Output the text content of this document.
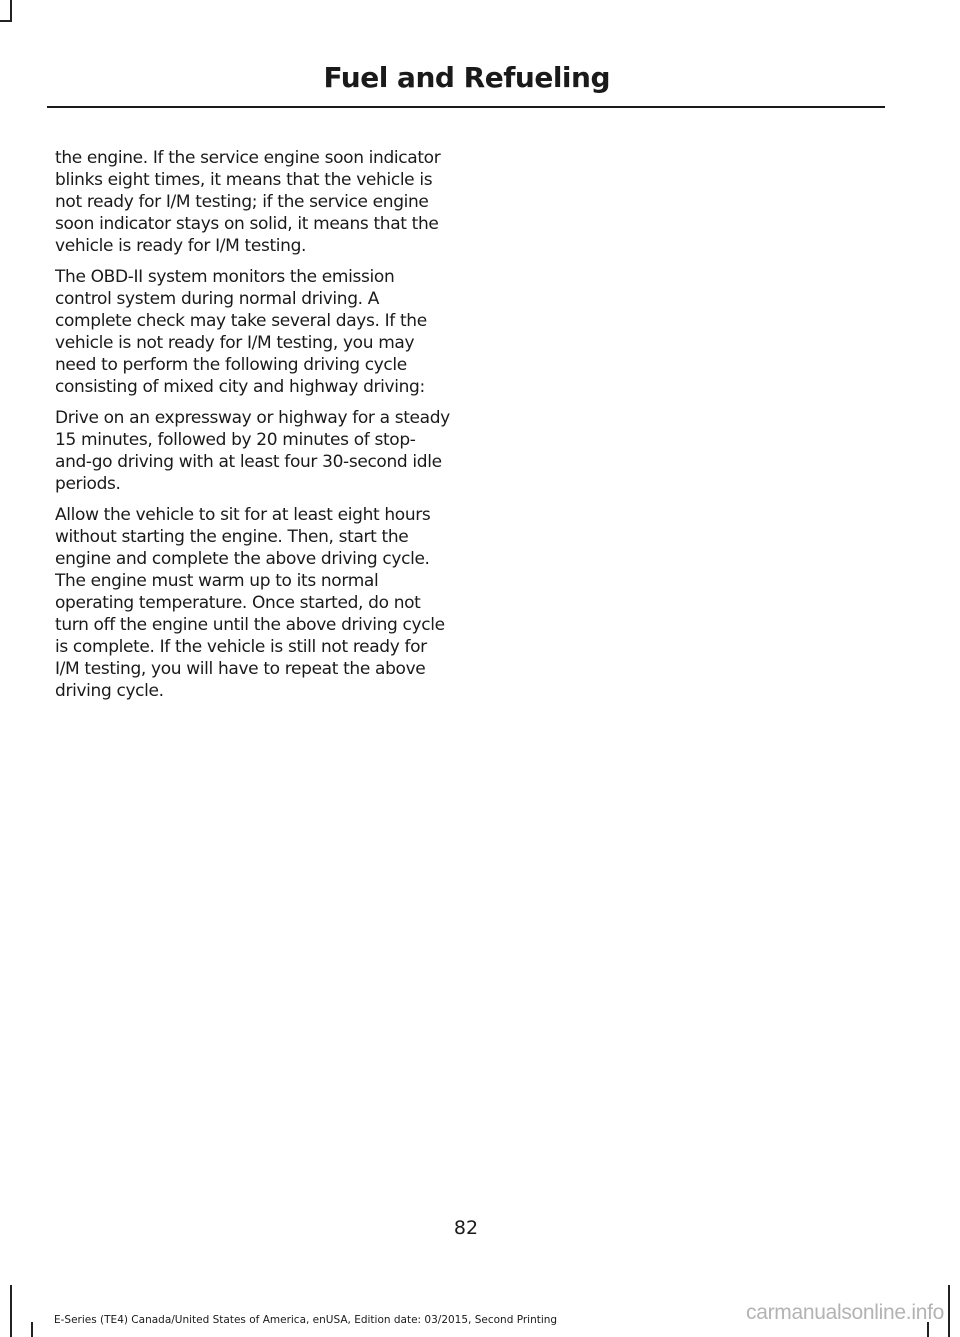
Fuel and Refueling

the engine. If the service engine soon indicator blinks eight times, it means that the vehicle is not ready for I/M testing; if the service engine soon indicator stays on solid, it means that the vehicle is ready for I/M testing.

The OBD-II system monitors the emission control system during normal driving. A complete check may take several days. If the vehicle is not ready for I/M testing, you may need to perform the following driving cycle consisting of mixed city and highway driving:

Drive on an expressway or highway for a steady 15 minutes, followed by 20 minutes of stop-and-go driving with at least four 30-second idle periods.

Allow the vehicle to sit for at least eight hours without starting the engine. Then, start the engine and complete the above driving cycle. The engine must warm up to its normal operating temperature. Once started, do not turn off the engine until the above driving cycle is complete. If the vehicle is still not ready for I/M testing, you will have to repeat the above driving cycle.

82
E-Series (TE4) Canada/United States of America, enUSA, Edition date: 03/2015, Second Printing	carmanualsonline.info
